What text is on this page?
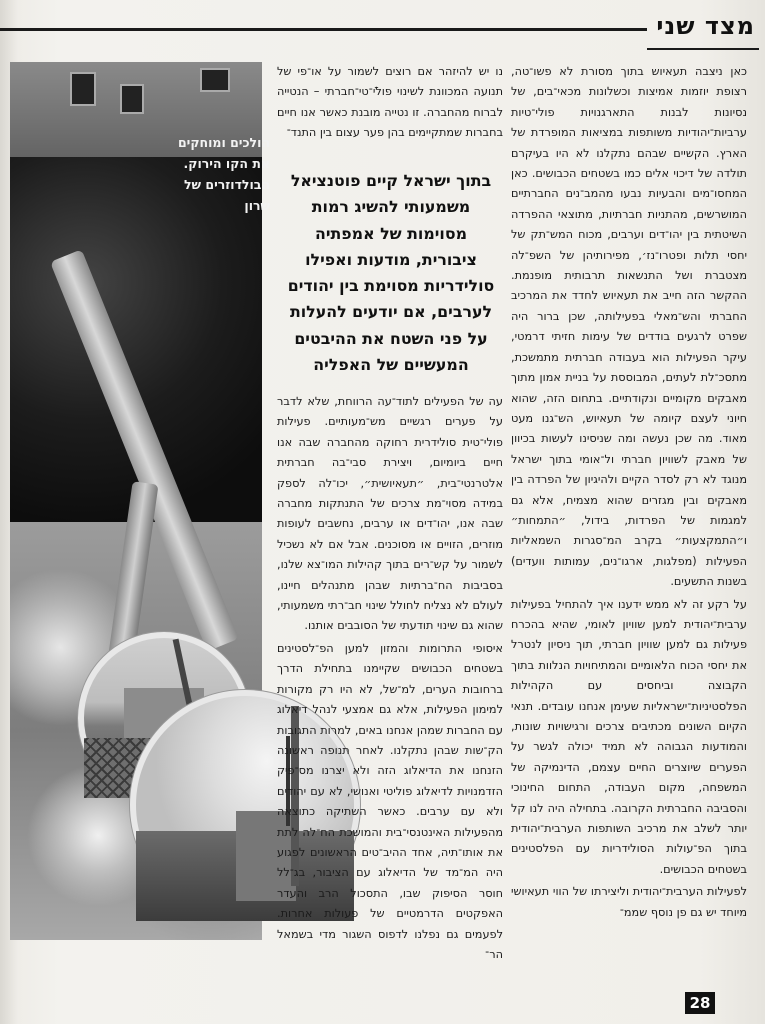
מצד שני
הולכים ומוחקים את הקו הירוק. הבולדוזרים של שרון

כאן ניצבה תעאיוש בתוך מסורת לא פשו־טה, רצופת יוזמות אמיצות וכשלונות מכאי־בים, של נסיונות לבנות התארגנויות פולי־טיות ערביות־יהודיות משותפות במציאות המופרדת של הארץ. הקשיים שבהם נתקלנו לא היו בעיקרם תולדה של דיכוי אלים כמו בשטחים הכבושים. כאן המחסו־מים והבעיות נבעו מהמב־נים החברתיים המושרשים, מהתניות חברתיות, מתוצאי ההפרדה השיטתית בין יהו־דים וערבים, מכוח המש־תק של יחסי תלות ופטרו־נז׳, מפירותיהן של השפ־לה מצטברת ושל התנשאות תרבותית מופנמת. ההקשר הזה חייב את תעאיוש לחדד את המרכיב החברתי והש־מאלי בפעילותה, שכן ברור היה שפרט לרגעים בודדים של עימות חזיתי דרמטי, עיקר הפעילות הוא בעבודה חברתית מתמשכת, מתסכ־לת לעתים, המבוססת על בניית אמון מתוך מאבקים מקומיים ונקודתיים. בתחום הזה, שהוא חיוני לעצם קיומה של תעאיוש, הש־גנו מעט מאוד. מה שכן נעשה ומה שניסינו לעשות בכיוון של מאבק לשוויון חברתי ול־אומי בתוך ישראל מנוגד לא רק לסדר הקיים ולהיגיון של הפרדה בין מאבקים ובין מגזרים שהוא מצמיח, אלא גם למגמות של הפרדות, בידול, ״התמחות״ ו״התמקצעות״ בקרב המ־סגרות השמאליות הפעילות (מפלגות, ארגו־נים, עמותות וועדים) בשנות התשעים.

על רקע זה לא ממש ידענו איך להתחיל בפעילות ערבית־יהודית למען שוויון לאומי, שהיא בהכרח פעילות גם למען שוויון חברתי, תוך ניסיון לנטרל את יחסי הכוח הלאומיים והמתיחויות הנלוות בתוך הקבוצה וביחסים עם הקהילות הפלסטיניות־ישראליות שעימן אנחנו עובדים. תנאי הקיום השונים מכתיבים צרכים ורגישויות שונות, והמודעות הגבוהה לא תמיד יכולה לגשר על הפערים שיוצרים החיים עצמם, הדינמיקה של המשפחה, מקום העבודה, התחום החינוכי והסביבה החברתית הקרובה. בתחילה היה לנו קל יותר לשלב את מרכיב השותפות הערבית־יהודית בתוך הפ־עולות הסולידריות עם הפלסטינים בשטחים הכבושים.

לפעילות הערבית־יהודית וליצירתו של הווי תעאיושי מיוחד יש גם פן נוסף שממ־

נו יש להיזהר אם רוצים לשמור על או־פי של תנועה המכוונת לשינוי פוליֿ־טי־חברתי – הנטייה לברוח מהחברה. זו נטייה מובנת כאשר אנו חיים בחברות שמתקיימים בהן פער עצום בין התנד־

עה של הפעילים לתוד־עה הרווחת, שלא לדבר על פערים רגשיים מש־מעותיים. פעילות פולי־טית סולידרית רחוקה מהחברה שבה אנו חיים ביומיום, ויצירת סבי־בה חברתית אלטרנטי־בית, ״תעאיושית״, יכו־לה לספק במידה מסוי־מת צרכים של התנתקות מחברה שבה אנו, יהו־דים או ערבים, נחשבים לעופות מוזרים, הזויים או מסוכנים. אבל אם לא נשכיל לשמור על קש־רים בתוך קהילות המו־צא שלנו, בסביבות הח־ברתיות שבהן מתנהלים חיינו, לעולם לא נצליח לחולל שינוי חב־רתי משמעותי, שהוא גם שינוי תודעתי של הסובבים אותנו.

איסופי התרומות והמזון למען הפ־לסטינים בשטחים הכבושים שקיימנו בתחילת הדרך ברחובות הערים, למ־של, לא היו רק מקורות למימון הפעילות, אלא גם אמצעי לנהל דיאלוג עם החברות שמהן אנחנו באים, למרות התגובות הק־שות שבהן נתקלנו. לאחר תנופה ראשונה הזנחנו את הדיאלוג הזה ולא יצרנו מס־פיק הזדמנויות לדיאלוג פוליטי ואנושי, לא עם יהודים ולא עם ערבים. כאשר השתיקה כתוצאה מהפעילות האינטנסי־בית והמושכת הח־לה לתת את אותו־תיה, אחד ההיב־טים הראשונים לפגוע היה המ־מד של הדיאלוג עם הציבור, בג־לל חוסר הסיפוק שבו, התסכול הרב והעדר האפקטים הדרמטיים של פעולות אחרות. לפעמים גם נפלנו לדפוס השגור מדי בשמאל הר־

בתוך ישראל קיים פוטנציאל משמעותי להשיג רמות מסוימות של אמפתיה ציבורית, מודעות ואפילו סולידריות מסוימת בין יהודים לערבים, אם יודעים להעלות על פני השטח את ההיבטים המעשיים של האפליה
28
